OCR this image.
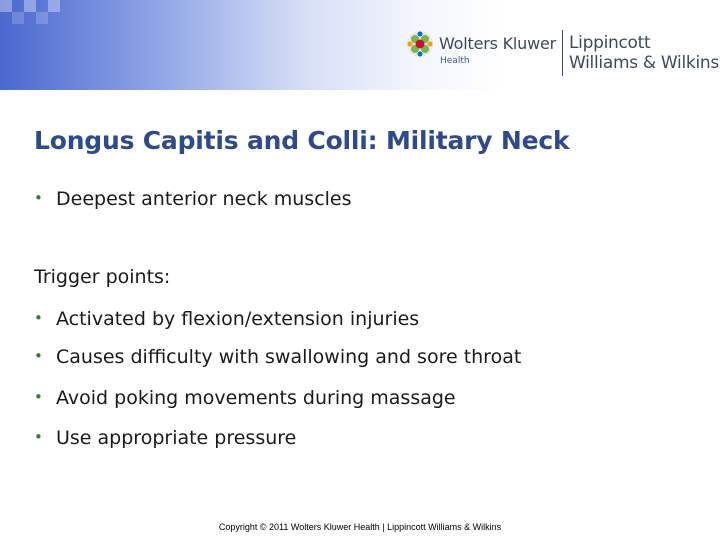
Wolters Kluwer
Health
Lippincott
Williams & Wilkins
Longus Capitis and Colli: Military Neck
• Deepest anterior neck muscles
Trigger points:
• Activated by flexion/extension injuries
• Causes difficulty with swallowing and sore throat
• Avoid poking movements during massage
• Use appropriate pressure
Copyright © 2011 Wolters Kluwer Health | Lippincott Williams & Wilkins
